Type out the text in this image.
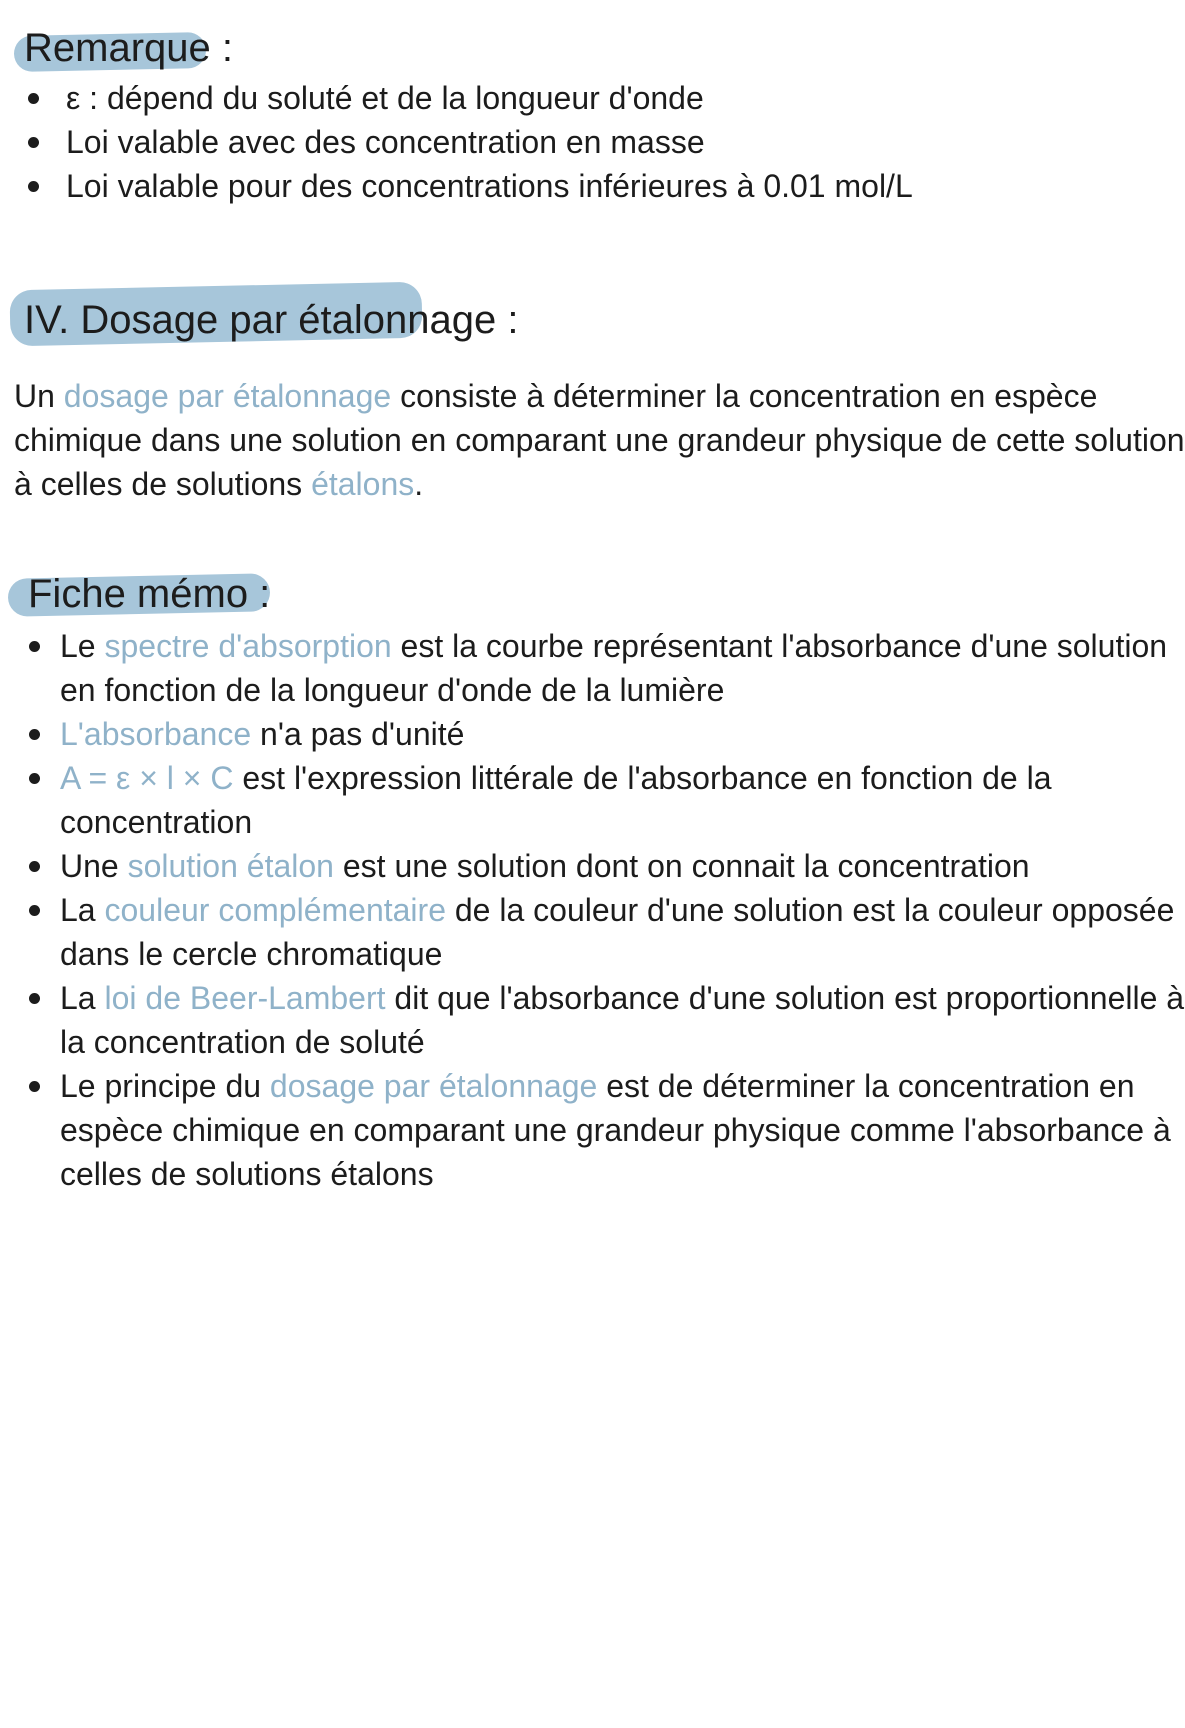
Remarque :
ε : dépend du soluté et de la longueur d'onde
Loi valable avec des concentration en masse
Loi valable pour des concentrations inférieures à 0.01 mol/L
IV. Dosage par étalonnage :
Un dosage par étalonnage consiste à déterminer la concentration en espèce
chimique dans une solution en comparant une grandeur physique de cette solution
à celles de solutions étalons.
Fiche mémo :
Le spectre d'absorption est la courbe représentant l'absorbance d'une solution
en fonction de la longueur d'onde de la lumière
L'absorbance n'a pas d'unité
A = ε × l × C est l'expression littérale de l'absorbance en fonction de la
concentration
Une solution étalon est une solution dont on connait la concentration
La couleur complémentaire de la couleur d'une solution est la couleur opposée
dans le cercle chromatique
La loi de Beer-Lambert dit que l'absorbance d'une solution est proportionnelle à
la concentration de soluté
Le principe du dosage par étalonnage est de déterminer la concentration en
espèce chimique en comparant une grandeur physique comme l'absorbance à
celles de solutions étalons
